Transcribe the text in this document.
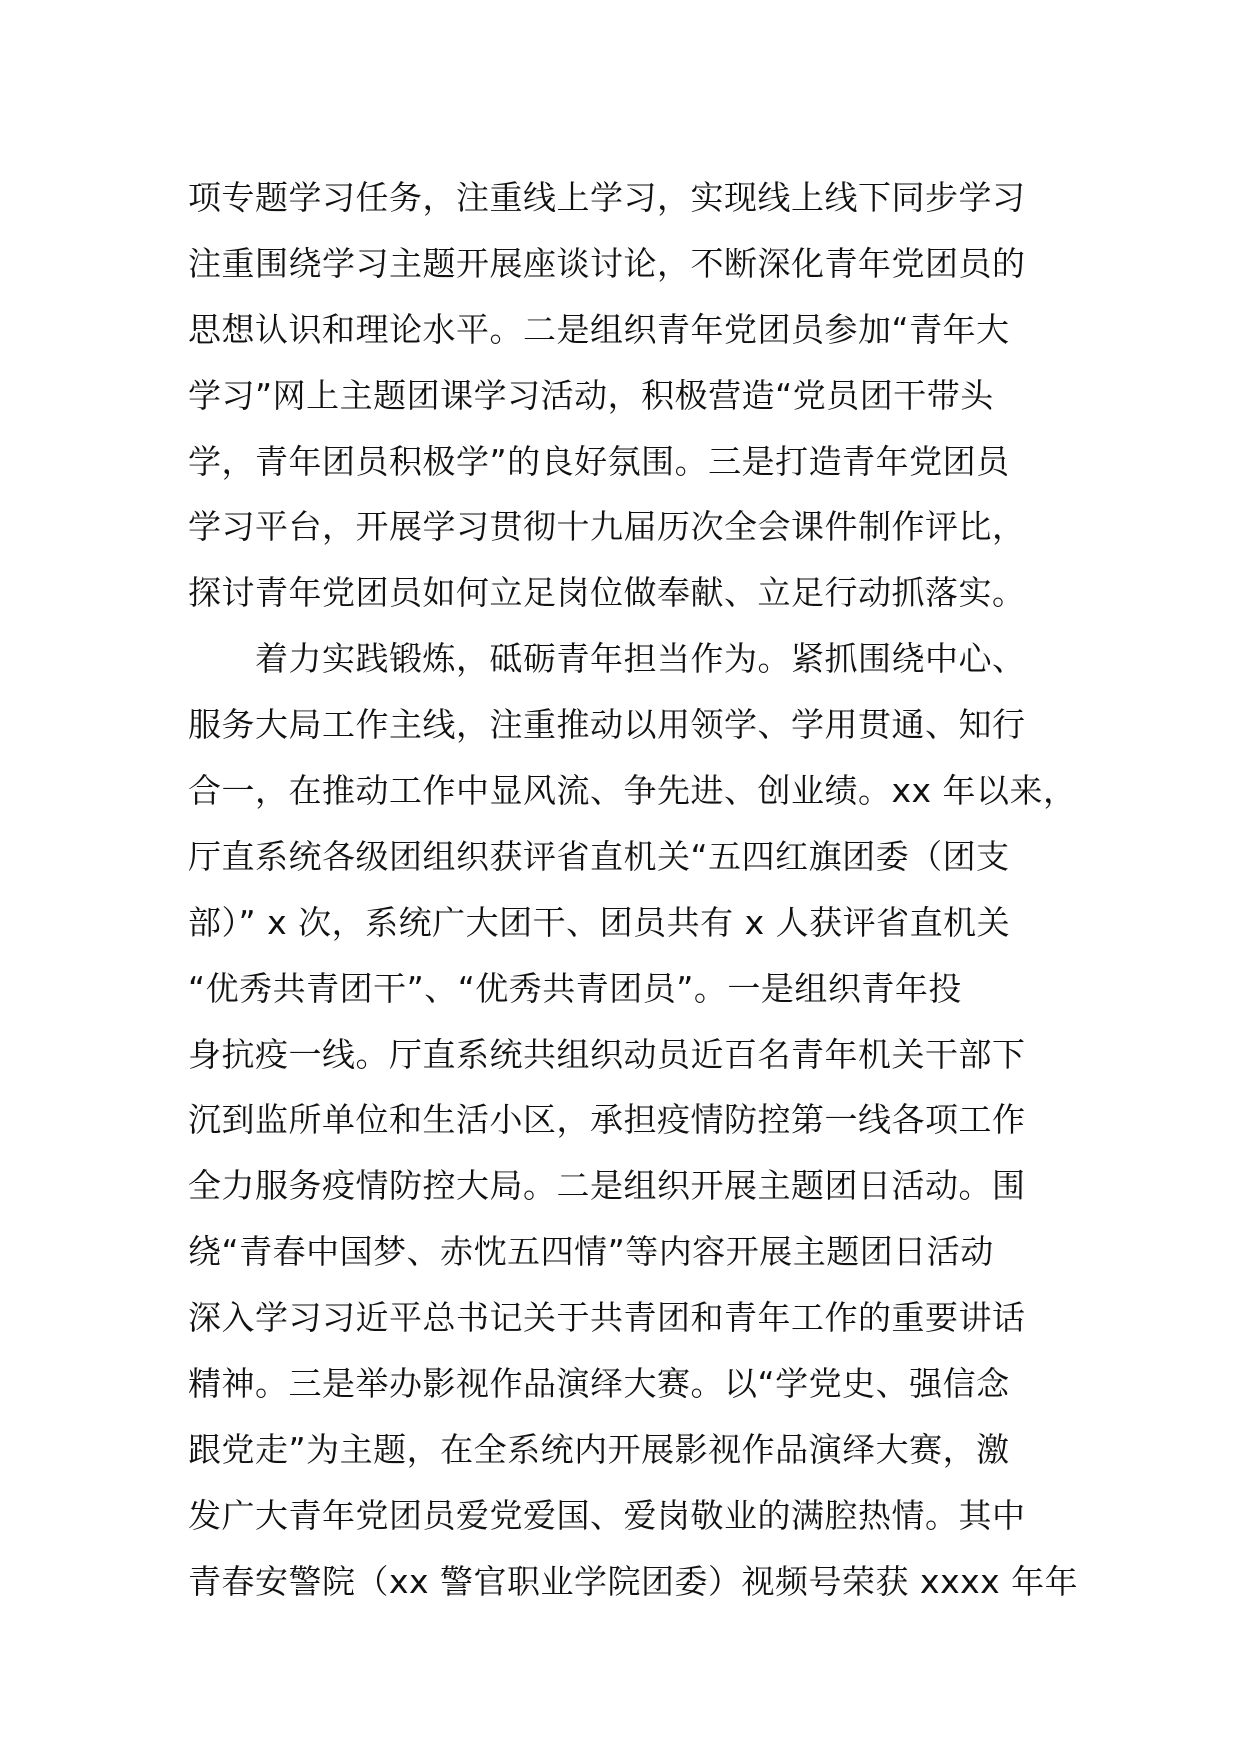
项专题学习任务，注重线上学习，实现线上线下同步学习
注重围绕学习主题开展座谈讨论，不断深化青年党团员的
思想认识和理论水平。二是组织青年党团员参加“青年大
学习”网上主题团课学习活动，积极营造“党员团干带头
学，青年团员积极学”的良好氛围。三是打造青年党团员
学习平台，开展学习贯彻十九届历次全会课件制作评比，
探讨青年党团员如何立足岗位做奉献、立足行动抓落实。
　　着力实践锻炼，砥砺青年担当作为。紧抓围绕中心、
服务大局工作主线，注重推动以用领学、学用贯通、知行
合一，在推动工作中显风流、争先进、创业绩。xx 年以来，
厅直系统各级团组织获评省直机关“五四红旗团委（团支
部）” x 次，系统广大团干、团员共有 x 人获评省直机关
“优秀共青团干”、“优秀共青团员”。一是组织青年投
身抗疫一线。厅直系统共组织动员近百名青年机关干部下
沉到监所单位和生活小区，承担疫情防控第一线各项工作
全力服务疫情防控大局。二是组织开展主题团日活动。围
绕“青春中国梦、赤忱五四情”等内容开展主题团日活动
深入学习习近平总书记关于共青团和青年工作的重要讲话
精神。三是举办影视作品演绎大赛。以“学党史、强信念
跟党走”为主题，在全系统内开展影视作品演绎大赛，激
发广大青年党团员爱党爱国、爱岗敬业的满腔热情。其中
青春安警院（xx 警官职业学院团委）视频号荣获 xxxx 年年
